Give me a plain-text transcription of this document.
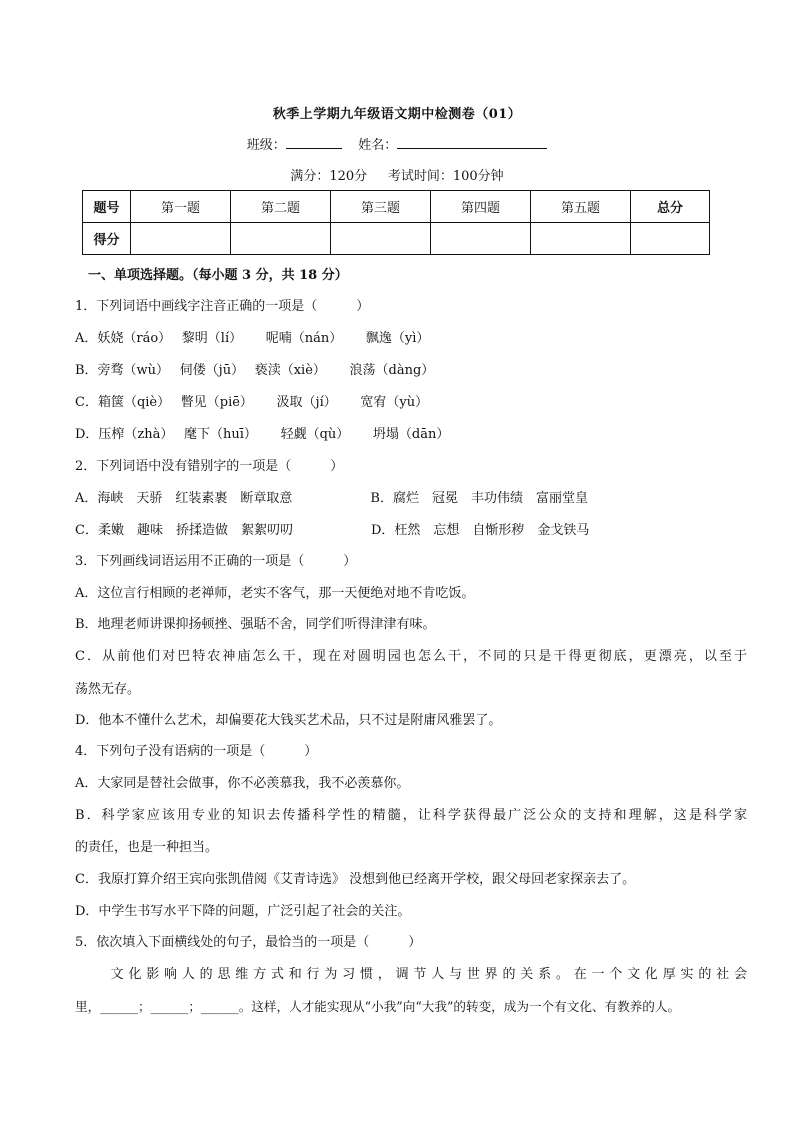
秋季上学期九年级语文期中检测卷（01）
班级：	姓名：
满分：120分 考试时间：100分钟
题号	第一题	第二题	第三题	第四题	第五题	总分
得分						
一、单项选择题。（每小题 3 分，共 18 分）
1．下列词语中画线字注音正确的一项是（　　　）
A．妖娆（ráo）　 黎明（lí）　　 呢喃（nán）　　 飘逸（yì）
B．旁骛（wù）　 伺偻（jū）　 亵渎（xiè）　　 浪荡（dàng）
C．箱箧（qiè）　 瞥见（piē）　　 汲取（jí）　　 宽宥（yù）
D．压榨（zhà）　 麾下（huī）　　 轻觑（qù）　　 坍塌（dān）
2．下列词语中没有错别字的一项是（　　　）
A．海峡　天骄　红装素裹　断章取意　　　　　　B．腐烂　冠冕　丰功伟绩　富丽堂皇
C．柔嫩　趣味　挢揉造做　絮絮叨叨　　　　　　D．枉然　忘想　自惭形秽　金戈铁马
3．下列画线词语运用不正确的一项是（　　　）
A．这位言行相顾的老禅师，老实不客气，那一天便绝对地不肯吃饭。
B．地理老师讲课抑扬顿挫、强聒不舍，同学们听得津津有味。
C．从前他们对巴特农神庙怎么干，现在对圆明园也怎么干，不同的只是干得更彻底，更漂亮，以至于
荡然无存。
D．他本不懂什么艺术，却偏要花大钱买艺术品，只不过是附庸风雅罢了。
4．下列句子没有语病的一项是（　　　）
A．大家同是替社会做事，你不必羡慕我，我不必羡慕你。
B．科学家应该用专业的知识去传播科学性的精髓，让科学获得最广泛公众的支持和理解，这是科学家
的责任，也是一种担当。
C．我原打算介绍王宾向张凯借阅《艾青诗选》 没想到他已经离开学校，跟父母回老家探亲去了。
D．中学生书写水平下降的问题，广泛引起了社会的关注。
5．依次填入下面横线处的句子，最恰当的一项是（　　　）
　　文化影响人的思维方式和行为习惯，调节人与世界的关系。在一个文化厚实的社会
里，______；______；______。这样，人才能实现从“小我”向“大我”的转变，成为一个有文化、有教养的人。
